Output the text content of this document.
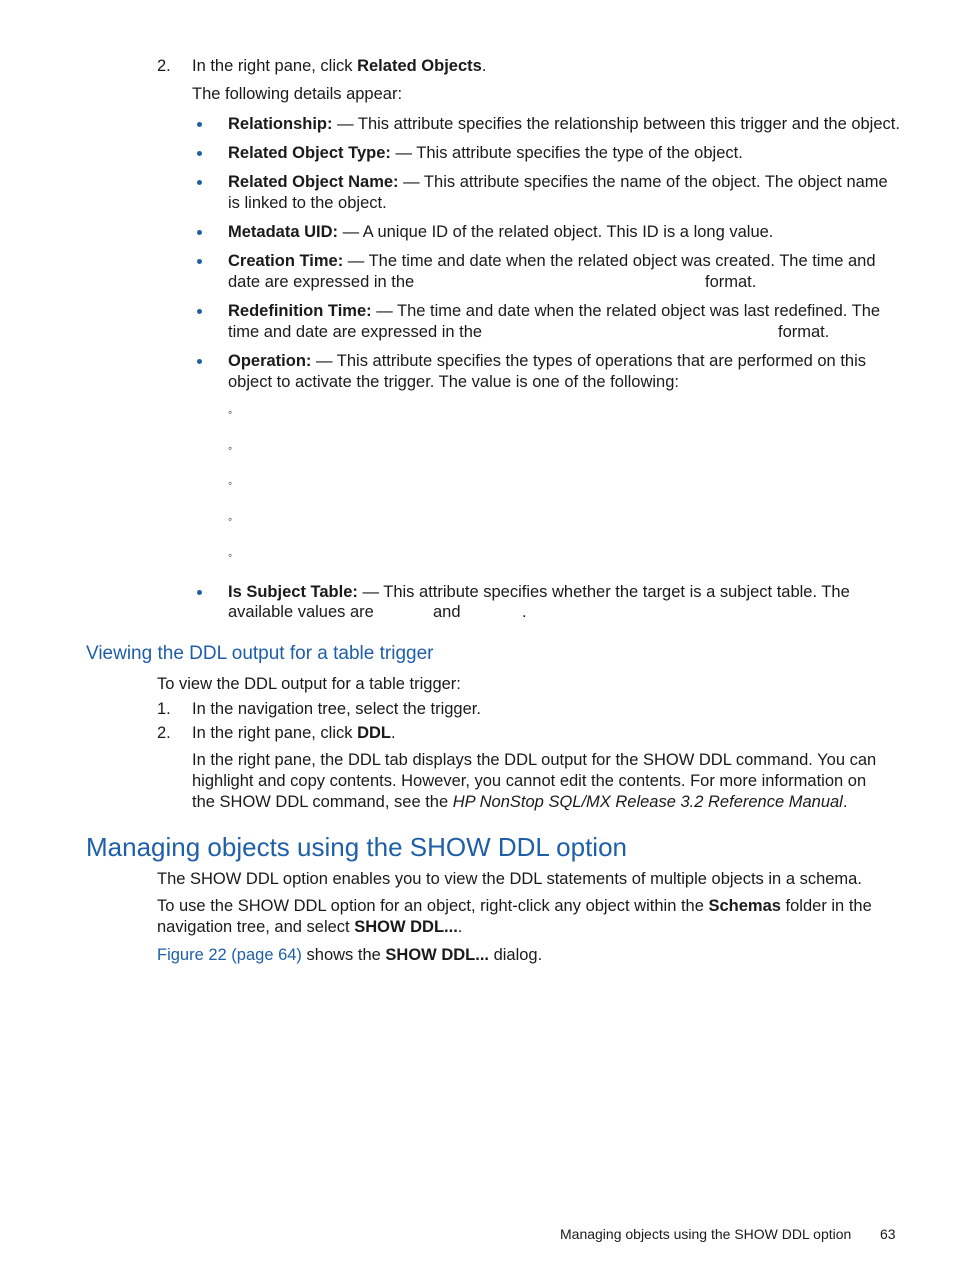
2. In the right pane, click Related Objects.
The following details appear:
Relationship: — This attribute specifies the relationship between this trigger and the object.
Related Object Type: — This attribute specifies the type of the object.
Related Object Name: — This attribute specifies the name of the object. The object name
is linked to the object.
Metadata UID: — A unique ID of the related object. This ID is a long value.
Creation Time: — The time and date when the related object was created. The time and
date are expressed in the	format.
Redefinition Time: — The time and date when the related object was last redefined. The
time and date are expressed in the	format.
Operation: — This attribute specifies the types of operations that are performed on this
object to activate the trigger. The value is one of the following:
◦
◦
◦
◦
◦
Is Subject Table: — This attribute specifies whether the target is a subject table. The
available values are	and	.
Viewing the DDL output for a table trigger
To view the DDL output for a table trigger:
1. In the navigation tree, select the trigger.
2. In the right pane, click DDL.
In the right pane, the DDL tab displays the DDL output for the SHOW DDL command. You can
highlight and copy contents. However, you cannot edit the contents. For more information on
the SHOW DDL command, see the HP NonStop SQL/MX Release 3.2 Reference Manual.
Managing objects using the SHOW DDL option
The SHOW DDL option enables you to view the DDL statements of multiple objects in a schema.
To use the SHOW DDL option for an object, right-click any object within the Schemas folder in the
navigation tree, and select SHOW DDL....
Figure 22 (page 64) shows the SHOW DDL... dialog.
Managing objects using the SHOW DDL option 63
